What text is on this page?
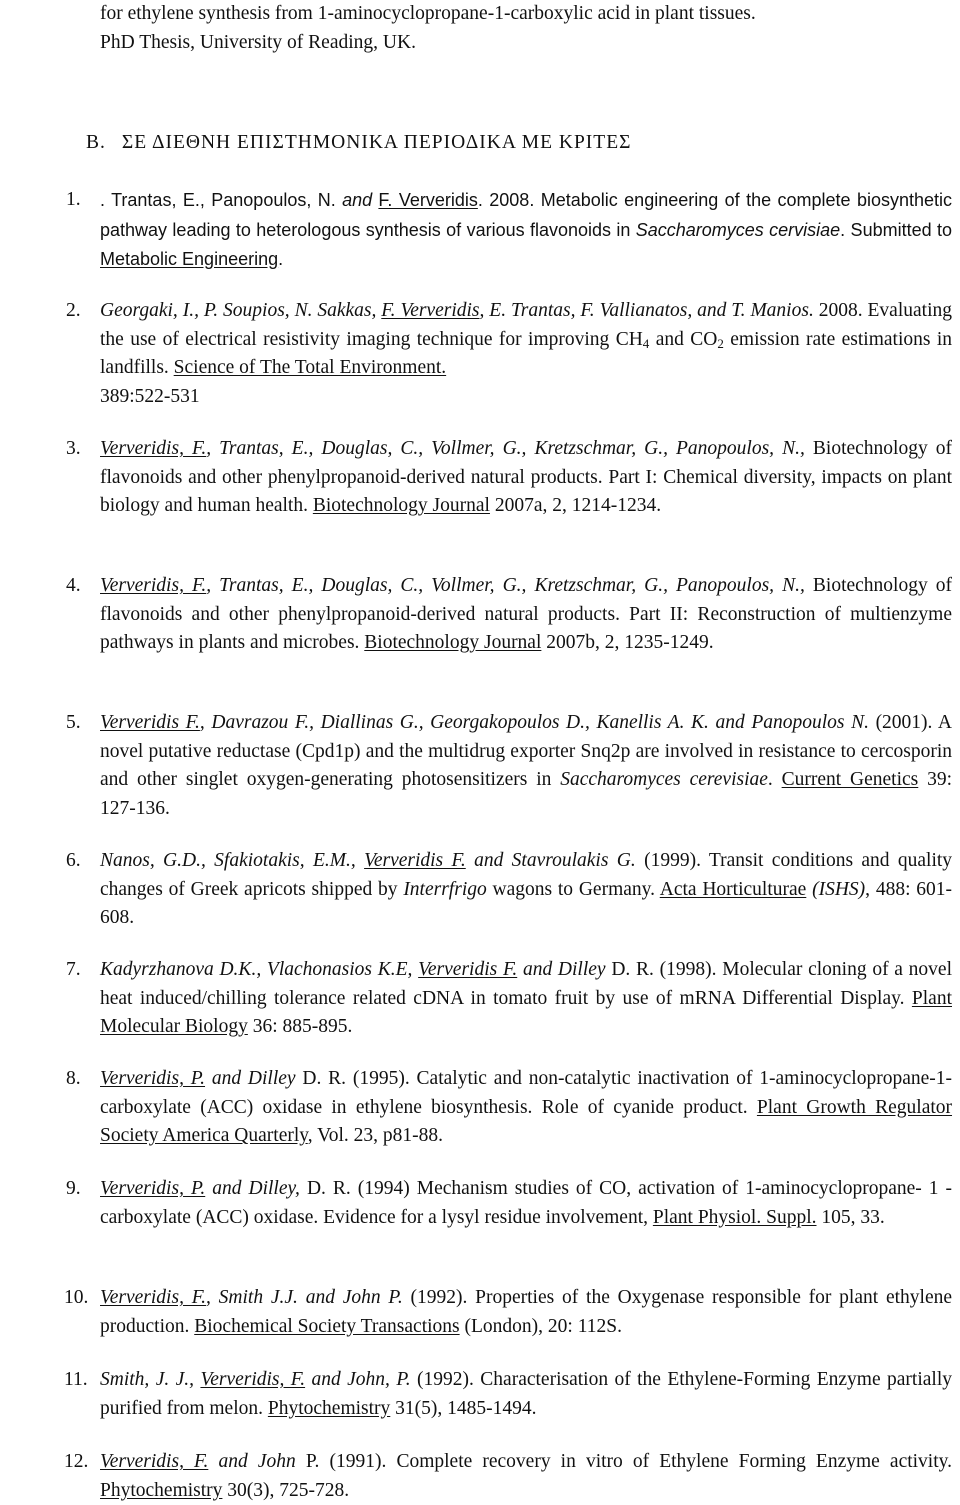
for ethylene synthesis from 1-aminocyclopropane-1-carboxylic acid in plant tissues.
PhD Thesis, University of Reading, UK.
B. ΣΕ ΔΙΕΘΝΗ ΕΠΙΣΤΗΜΟΝΙΚΑ ΠΕΡΙΟΔΙΚΑ ΜΕ ΚΡΙΤΕΣ
1.	. Trantas, E., Panopoulos, N. and F. Ververidis. 2008. Metabolic engineering of the complete biosynthetic pathway leading to heterologous synthesis of various flavonoids in Saccharomyces cervisiae. Submitted to Metabolic Engineering.
2. Georgaki, I., P. Soupios, N. Sakkas, F. Ververidis, E. Trantas, F. Vallianatos, and T. Manios. 2008. Evaluating the use of electrical resistivity imaging technique for improving $CH_4$ and $CO_2$ emission rate estimations in landfills. Science of The Total Environment.
389:522-531
3. Ververidis, F., Trantas, E., Douglas, C., Vollmer, G., Kretzschmar, G., Panopoulos, N., Biotechnology of flavonoids and other phenylpropanoid-derived natural products. Part I: Chemical diversity, impacts on plant biology and human health. Biotechnology Journal 2007a, 2, 1214-1234.
4. Ververidis, F., Trantas, E., Douglas, C., Vollmer, G., Kretzschmar, G., Panopoulos, N., Biotechnology of flavonoids and other phenylpropanoid-derived natural products. Part II: Reconstruction of multienzyme pathways in plants and microbes. Biotechnology Journal 2007b, 2, 1235-1249.
5. Ververidis F., Davrazou F., Diallinas G., Georgakopoulos D., Kanellis A. K. and Panopoulos N. (2001). A novel putative reductase (Cpd1p) and the multidrug exporter Snq2p are involved in resistance to cercosporin and other singlet oxygen-generating photosensitizers in Saccharomyces cerevisiae. Current Genetics 39: 127-136.
6. Nanos, G.D., Sfakiotakis, E.M., Ververidis F. and Stavroulakis G. (1999). Transit conditions and quality changes of Greek apricots shipped by Interrfrigo wagons to Germany. Acta Horticulturae (ISHS), 488: 601-608.
7. Kadyrzhanova D.K., Vlachonasios K.E, Ververidis F. and Dilley D. R. (1998). Molecular cloning of a novel heat induced/chilling tolerance related cDNA in tomato fruit by use of mRNA Differential Display. Plant Molecular Biology 36: 885-895.
8. Ververidis, P. and Dilley D. R. (1995). Catalytic and non-catalytic inactivation of 1-aminocyclopropane-1-carboxylate (ACC) oxidase in ethylene biosynthesis. Role of cyanide product. Plant Growth Regulator Society America Quarterly, Vol. 23, p81-88.
9. Ververidis, P. and Dilley, D. R. (1994) Mechanism studies of CO, activation of 1-aminocyclopropane- 1 -carboxylate (ACC) oxidase. Evidence for a lysyl residue involvement, Plant Physiol. Suppl. 105, 33.
10. Ververidis, F., Smith J.J. and John P. (1992). Properties of the Oxygenase responsible for plant ethylene production. Biochemical Society Transactions (London), 20: 112S.
11. Smith, J. J., Ververidis, F. and John, P. (1992). Characterisation of the Ethylene-Forming Enzyme partially purified from melon. Phytochemistry 31(5), 1485-1494.
12. Ververidis, F. and John P. (1991). Complete recovery in vitro of Ethylene Forming Enzyme activity. Phytochemistry 30(3), 725-728.
